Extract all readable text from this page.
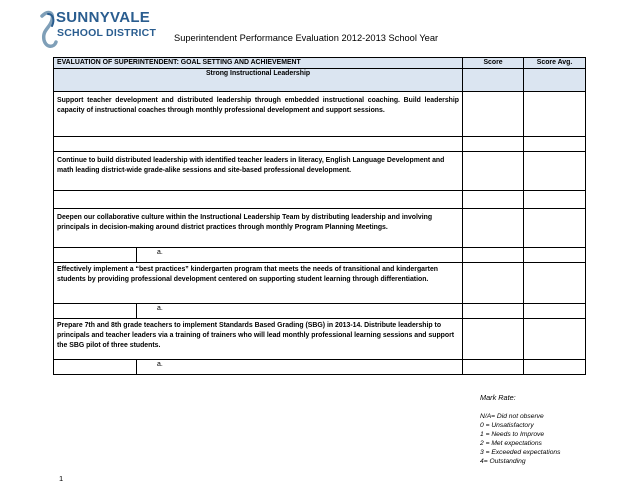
SUNNYVALE
SCHOOL DISTRICT Superintendent Performance Evaluation 2012-2013 School Year
EVALUATION OF SUPERINTENDENT: GOAL SETTING AND ACHIEVEMENT		Score	Score Avg.
Strong Instructional Leadership			
Support teacher development and distributed leadership through embedded instructional coaching. Build leadership capacity of instructional coaches through monthly professional development and support sessions.			

Continue to build distributed leadership with identified teacher leaders in literacy, English Language Development and math leading district-wide grade-alike sessions and site-based professional development.			

Deepen our collaborative culture within the Instructional Leadership Team by distributing leadership and involving principals in decision-making around district practices through monthly Program Planning Meetings.			
	a.		
Effectively implement a “best practices” kindergarten program that meets the needs of transitional and kindergarten students by providing professional development centered on supporting student learning through differentiation.			
	a.		
Prepare 7th and 8th grade teachers to implement Standards Based Grading (SBG) in 2013-14. Distribute leadership to principals and teacher leaders via a training of trainers who will lead monthly professional learning sessions and support the SBG pilot of three students.			
	a.		
Mark Rate:
N/A= Did not observe
0 = Unsatisfactory
1 = Needs to Improve
2 = Met expectations
3 = Exceeded expectations
4= Outstanding
1
